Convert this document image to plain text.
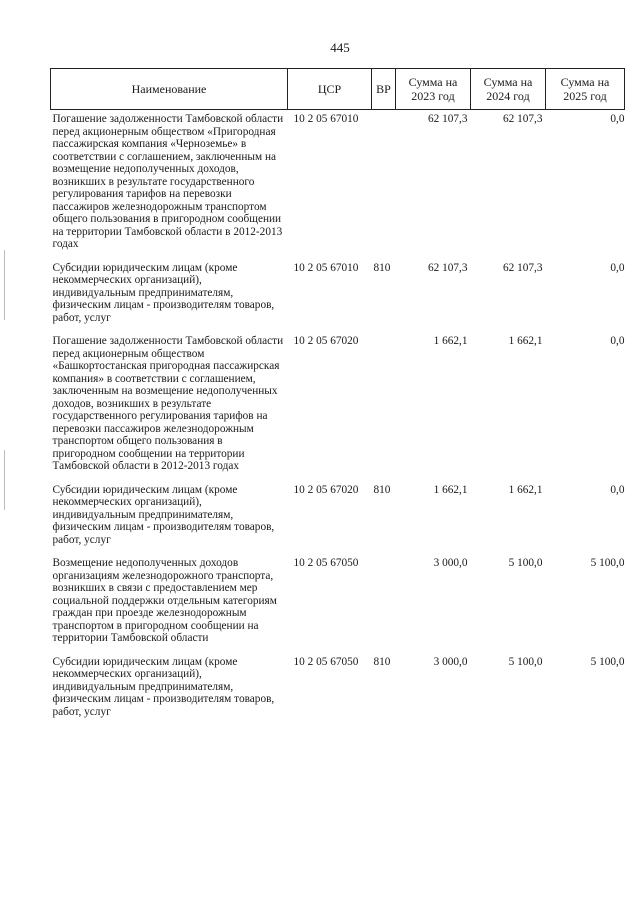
445
Наименование	ЦСР	ВР	Сумма на 2023 год	Сумма на 2024 год	Сумма на 2025 год
Погашение задолженности Тамбовской области перед акционерным обществом «Пригородная пассажирская компания «Черноземье» в соответствии с соглашением, заключенным на возмещение недополученных доходов, возникших в результате государственного регулирования тарифов на перевозки пассажиров железнодорожным транспортом общего пользования в пригородном сообщении на территории Тамбовской области в 2012-2013 годах	10 2 05 67010		62 107,3	62 107,3	0,0

Субсидии юридическим лицам (кроме некоммерческих организаций), индивидуальным предпринимателям, физическим лицам - производителям товаров, работ, услуг	10 2 05 67010	810	62 107,3	62 107,3	0,0

Погашение задолженности Тамбовской области перед акционерным обществом «Башкортостанская пригородная пассажирская компания» в соответствии с соглашением, заключенным на возмещение недополученных доходов, возникших в результате государственного регулирования тарифов на перевозки пассажиров железнодорожным транспортом общего пользования в пригородном сообщении на территории Тамбовской области в 2012-2013 годах	10 2 05 67020		1 662,1	1 662,1	0,0

Субсидии юридическим лицам (кроме некоммерческих организаций), индивидуальным предпринимателям, физическим лицам - производителям товаров, работ, услуг	10 2 05 67020	810	1 662,1	1 662,1	0,0

Возмещение недополученных доходов организациям железнодорожного транспорта, возникших в связи с предоставлением мер социальной поддержки отдельным категориям граждан при проезде железнодорожным транспортом в пригородном сообщении на территории Тамбовской области	10 2 05 67050		3 000,0	5 100,0	5 100,0

Субсидии юридическим лицам (кроме некоммерческих организаций), индивидуальным предпринимателям, физическим лицам - производителям товаров, работ, услуг	10 2 05 67050	810	3 000,0	5 100,0	5 100,0
